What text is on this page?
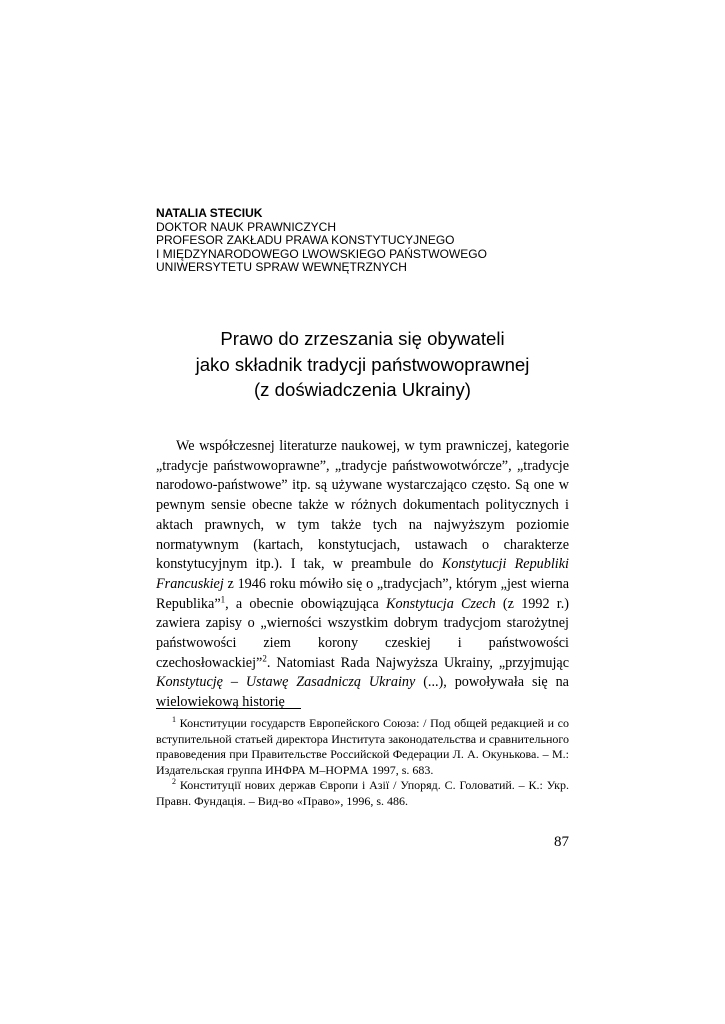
NATALIA STECIUK
DOKTOR NAUK PRAWNICZYCH
PROFESOR ZAKŁADU PRAWA KONSTYTUCYJNEGO
I MIĘDZYNARODOWEGO LWOWSKIEGO PAŃSTWOWEGO
UNIWERSYTETU SPRAW WEWNĘTRZNYCH
Prawo do zrzeszania się obywateli
jako składnik tradycji państwowoprawnej
(z doświadczenia Ukrainy)

We współczesnej literaturze naukowej, w tym prawniczej, kategorie „tradycje państwowoprawne”, „tradycje państwowotwórcze”, „tradycje narodowo-państwowe” itp. są używane wystarczająco często. Są one w pewnym sensie obecne także w różnych dokumentach politycznych i aktach prawnych, w tym także tych na najwyższym poziomie normatywnym (kartach, konstytucjach, ustawach o charakterze konstytucyjnym itp.). I tak, w preambule do Konstytucji Republiki Francuskiej z 1946 roku mówiło się o „tradycjach”, którym „jest wierna Republika”$^1$, a obecnie obowiązująca Konstytucja Czech (z 1992 r.) zawiera zapisy o „wierności wszystkim dobrym tradycjom starożytnej państwowości ziem korony czeskiej i państwowości czechosłowackiej”$^2$. Natomiast Rada Najwyższa Ukrainy, „przyjmując Konstytucję – Ustawę Zasadniczą Ukrainy (...), powoływała się na wielowiekową historię

$^1$ Конституции государств Европейского Союза: / Под общей редакцией и со вступительной статьей директора Института законодательства и сравнительного правоведения при Правительстве Российской Федерации Л. А. Окунькова. – М.: Издательская группа ИНФРА М–НОРМА 1997, s. 683.

$^2$ Конституції нових держав Європи і Азії / Упоряд. С. Головатий. – К.: Укр. Правн. Фундація. – Вид-во «Право», 1996, s. 486.

87
